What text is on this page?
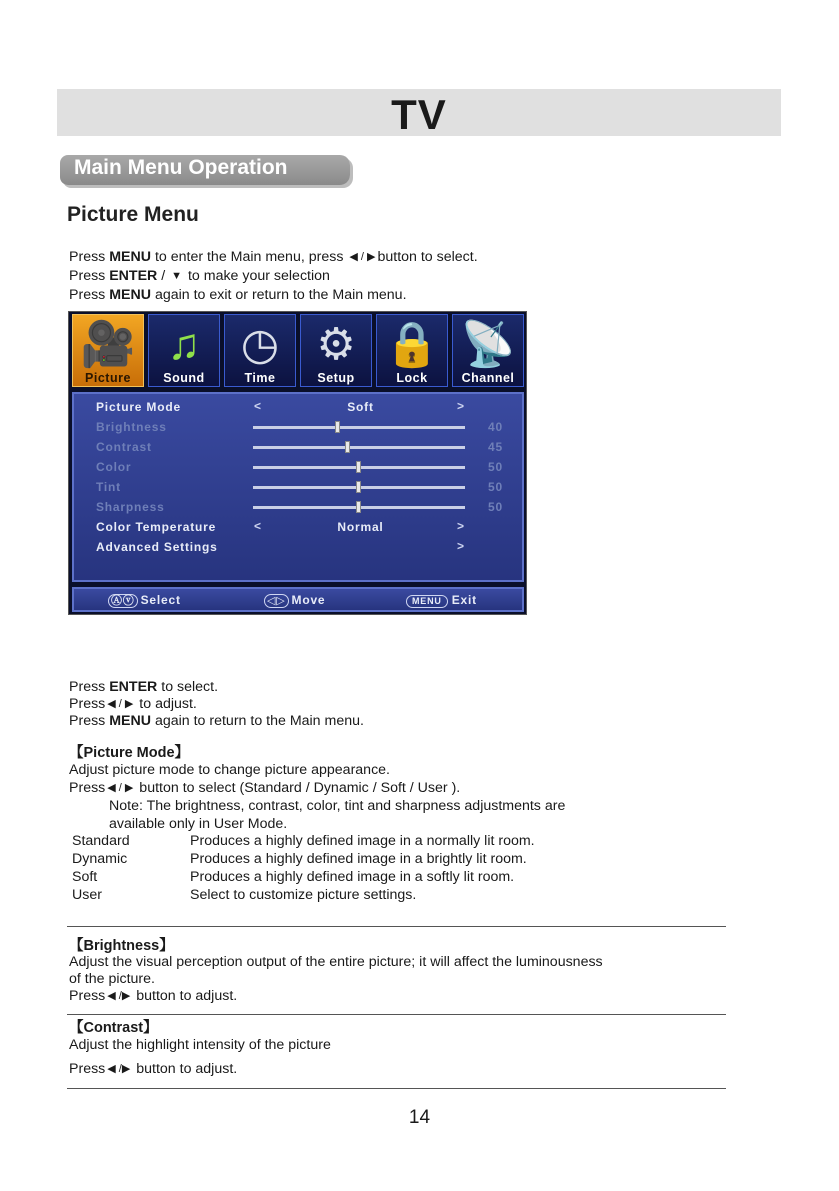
TV
Main Menu Operation
Picture Menu
Press MENU to enter the Main menu, press ◀ / ▶ button to select.
Press ENTER / ▼ to make your selection
Press MENU again to exit or return to the Main menu.
🎥
Picture
♫
Sound
◷
Time
⚙
Setup
🔒
Lock
📡
Channel
Picture Mode	<	Soft	>
Brightness	40
Contrast	45
Color	50
Tint	50
Sharpness	50
Color Temperature	<	Normal	>
Advanced Settings	>
Ⓐⓥ Select	◁▷ Move	MENU Exit
Press ENTER to select.
Press ◀ / ▶ to adjust.
Press MENU again to return to the Main menu.
【Picture Mode】
Adjust picture mode to change picture appearance.
Press ◀ / ▶ button to select (Standard / Dynamic / Soft / User ).
Note: The brightness, contrast, color, tint and sharpness adjustments are
available only in User Mode.
Standard	Produces a highly defined image in a normally lit room.
Dynamic	Produces a highly defined image in a brightly lit room.
Soft	Produces a highly defined image in a softly lit room.
User	Select to customize picture settings.
【Brightness】
Adjust the visual perception output of the entire picture; it will affect the luminousness
of the picture.
Press ◀ /▶ button to adjust.
【Contrast】
Adjust the highlight intensity of the picture
Press ◀ /▶ button to adjust.
14
